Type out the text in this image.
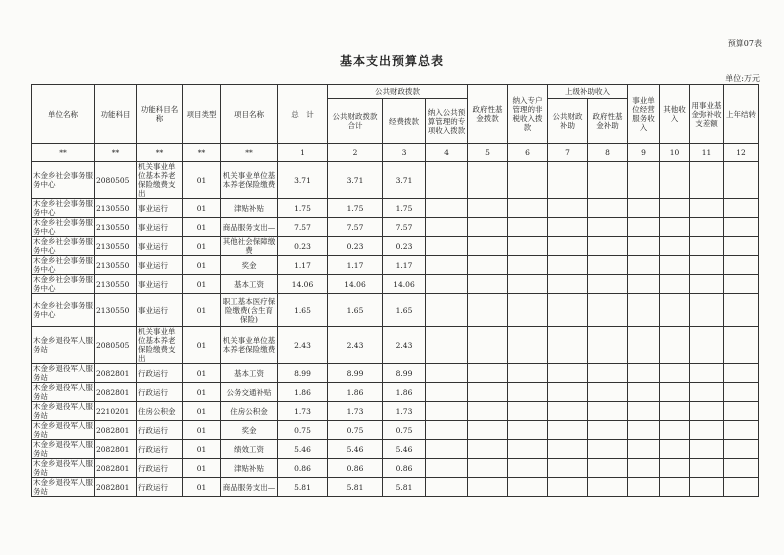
预算07表
基本支出预算总表
单位:万元
单位名称	功能科目	功能科目名称	项目类型	项目名称	总　计	公共财政拨款			政府性基金拨款	纳入专户管理的非税收入拨款	上级补助收入		事业单位经营服务收入	其他收入	用事业基金弥补收支差额	上年结转
						公共财政拨款合计	经费拨款	纳入公共预算管理的专项收入拨款			公共财政补助	政府性基金补助				
**	**	**	**	**	1	2	3	4	5	6	7	8	9	10	11	12
木金乡社会事务服务中心	2080505	机关事业单位基本养老保险缴费支出	01	机关事业单位基本养老保险缴费	3.71	3.71	3.71									
木金乡社会事务服务中心	2130550	事业运行	01	津贴补贴	1.75	1.75	1.75									
木金乡社会事务服务中心	2130550	事业运行	01	商品服务支出—	7.57	7.57	7.57									
木金乡社会事务服务中心	2130550	事业运行	01	其他社会保障缴费	0.23	0.23	0.23									
木金乡社会事务服务中心	2130550	事业运行	01	奖金	1.17	1.17	1.17									
木金乡社会事务服务中心	2130550	事业运行	01	基本工资	14.06	14.06	14.06									
木金乡社会事务服务中心	2130550	事业运行	01	职工基本医疗保险缴费(含生育保险)	1.65	1.65	1.65									
木金乡退役军人服务站	2080505	机关事业单位基本养老保险缴费支出	01	机关事业单位基本养老保险缴费	2.43	2.43	2.43									
木金乡退役军人服务站	2082801	行政运行	01	基本工资	8.99	8.99	8.99									
木金乡退役军人服务站	2082801	行政运行	01	公务交通补贴	1.86	1.86	1.86									
木金乡退役军人服务站	2210201	住房公积金	01	住房公积金	1.73	1.73	1.73									
木金乡退役军人服务站	2082801	行政运行	01	奖金	0.75	0.75	0.75									
木金乡退役军人服务站	2082801	行政运行	01	绩效工资	5.46	5.46	5.46									
木金乡退役军人服务站	2082801	行政运行	01	津贴补贴	0.86	0.86	0.86									
木金乡退役军人服务站	2082801	行政运行	01	商品服务支出—	5.81	5.81	5.81									
